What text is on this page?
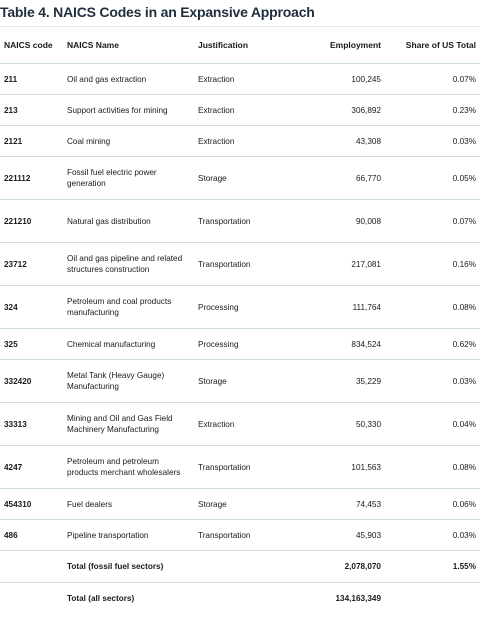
Table 4. NAICS Codes in an Expansive Approach
NAICS code	NAICS Name	Justification	Employment	Share of US Total
211	Oil and gas extraction	Extraction	100,245	0.07%
213	Support activities for mining	Extraction	306,892	0.23%
2121	Coal mining	Extraction	43,308	0.03%
221112	Fossil fuel electric power generation	Storage	66,770	0.05%
221210	Natural gas distribution	Transportation	90,008	0.07%
23712	Oil and gas pipeline and related structures construction	Transportation	217,081	0.16%
324	Petroleum and coal products manufacturing	Processing	111,764	0.08%
325	Chemical manufacturing	Processing	834,524	0.62%
332420	Metal Tank (Heavy Gauge) Manufacturing	Storage	35,229	0.03%
33313	Mining and Oil and Gas Field Machinery Manufacturing	Extraction	50,330	0.04%
4247	Petroleum and petroleum products merchant wholesalers	Transportation	101,563	0.08%
454310	Fuel dealers	Storage	74,453	0.06%
486	Pipeline transportation	Transportation	45,903	0.03%
	Total (fossil fuel sectors)		2,078,070	1.55%
	Total (all sectors)		134,163,349	
